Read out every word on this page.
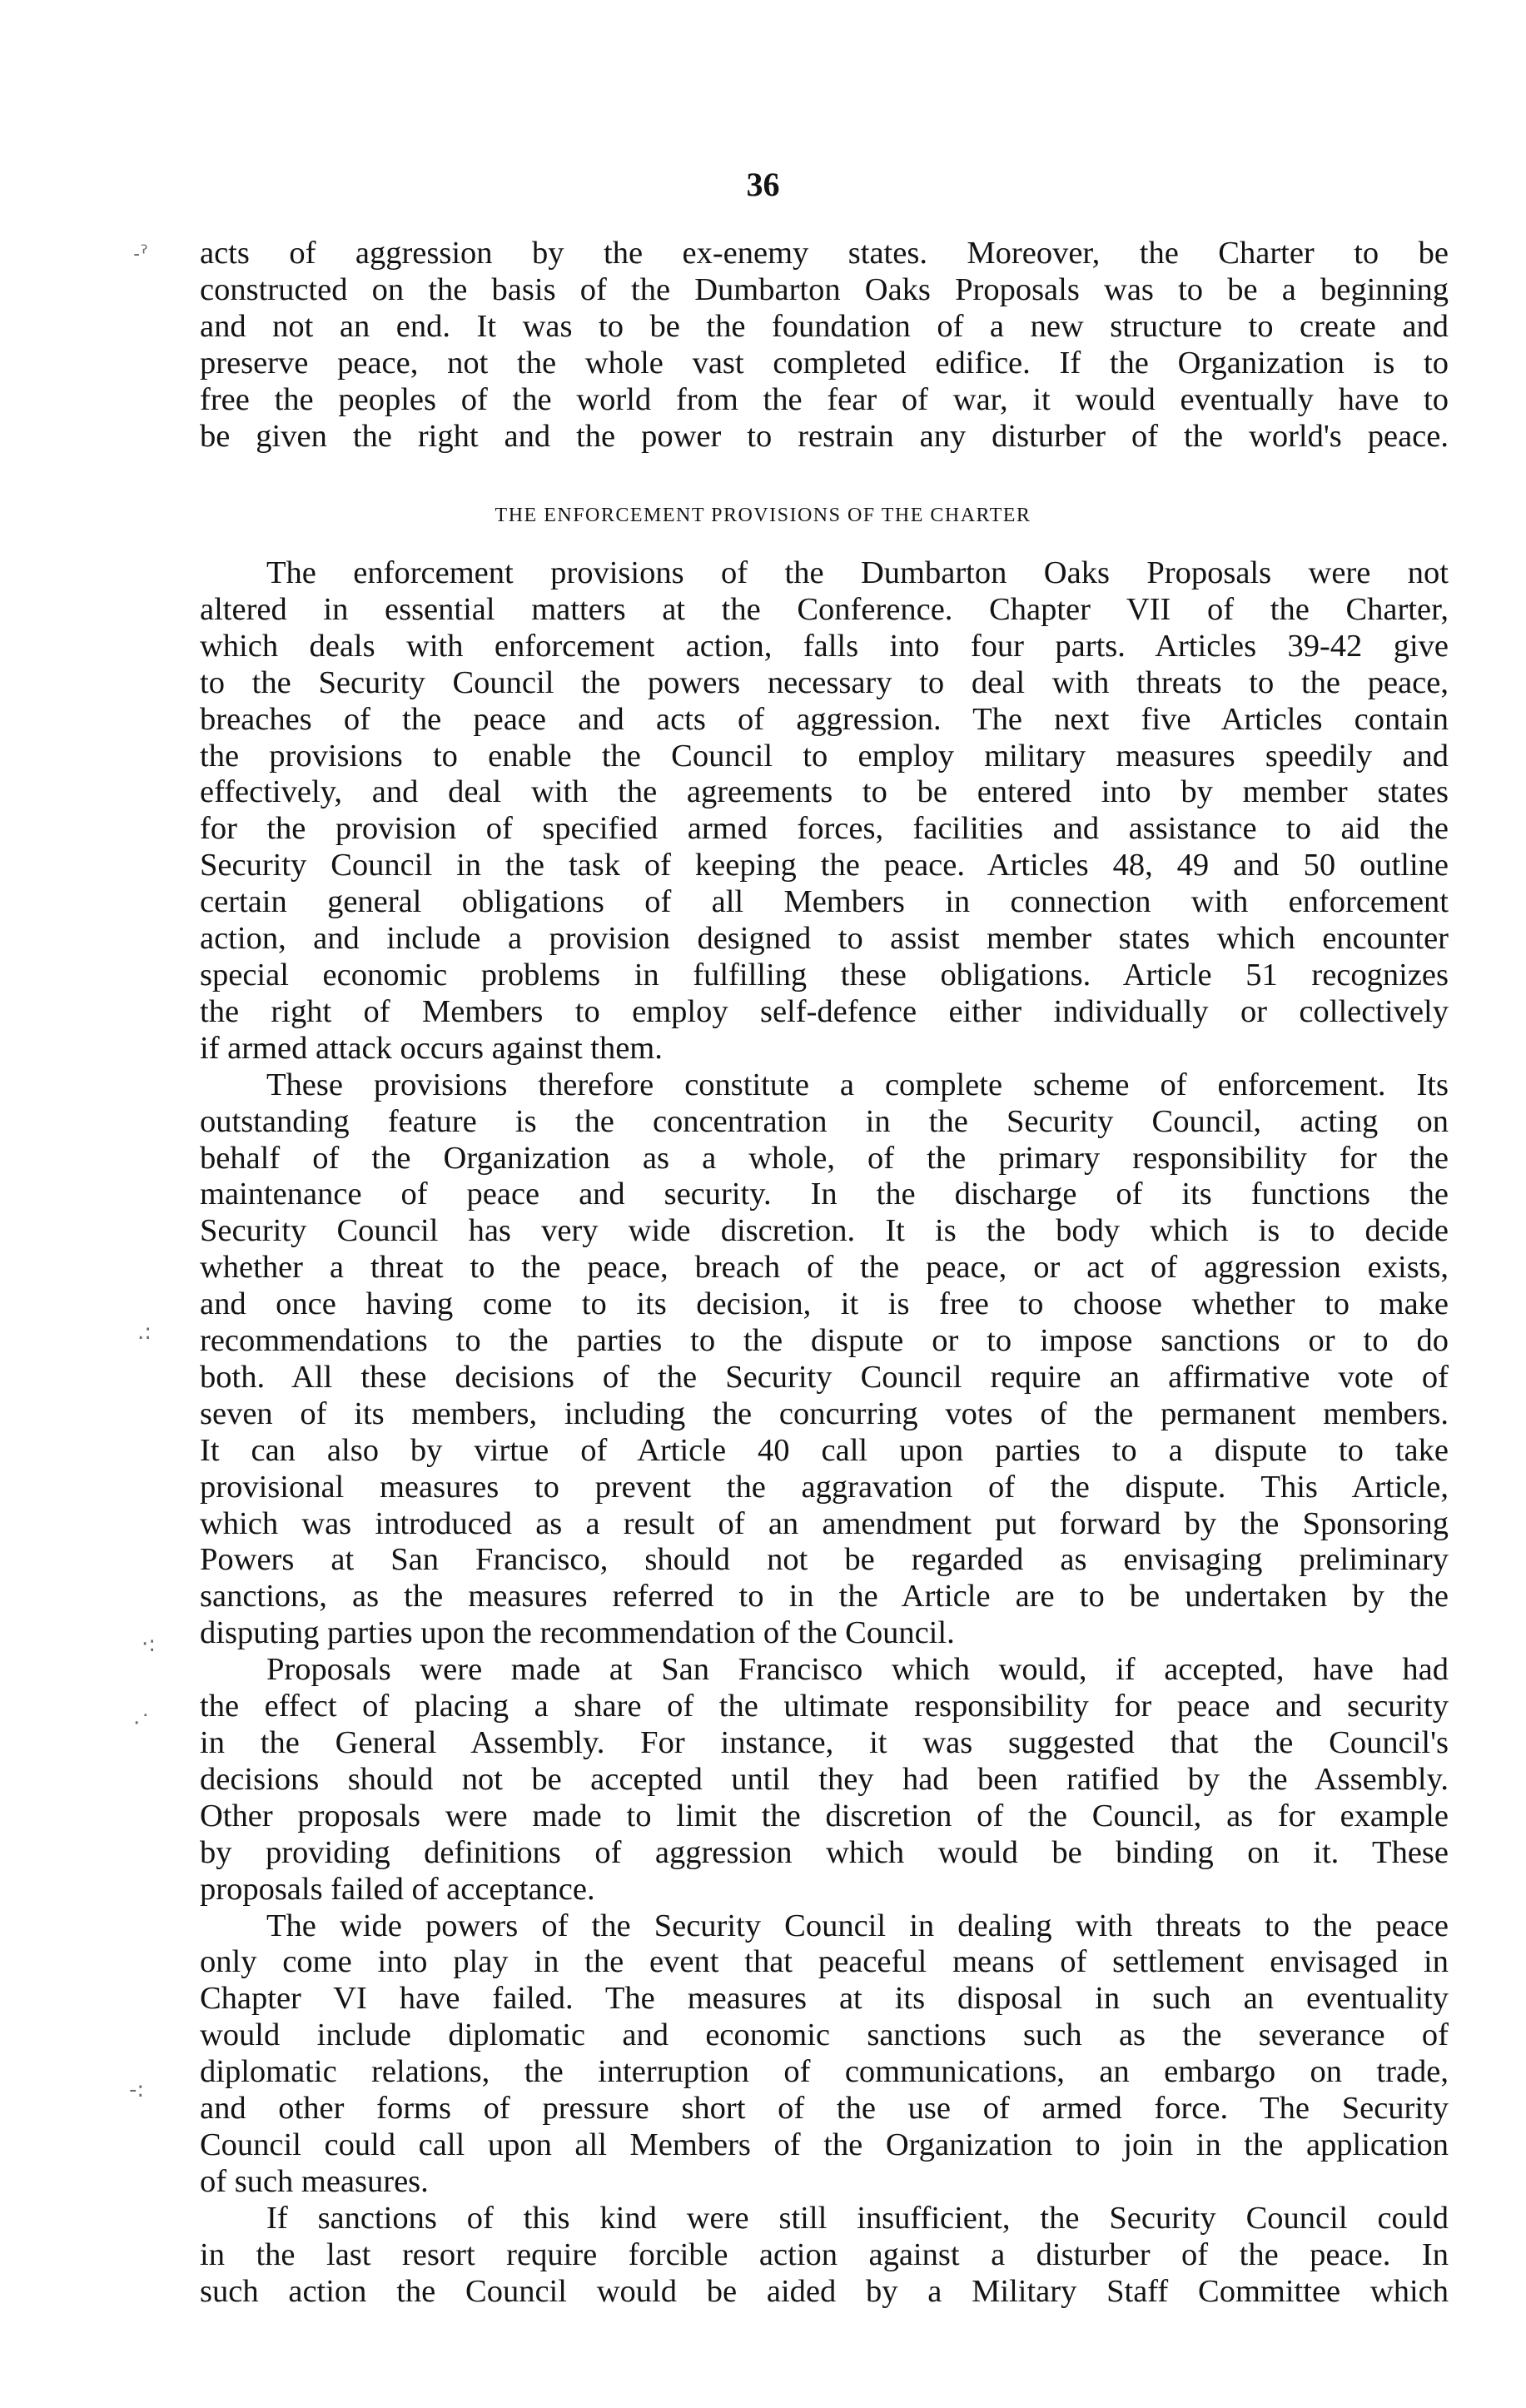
36
˗ˀ
.:
·:
·˙
-:
acts of aggression by the ex-enemy states. Moreover, the Charter to be
constructed on the basis of the Dumbarton Oaks Proposals was to be a beginning
and not an end. It was to be the foundation of a new structure to create and
preserve peace, not the whole vast completed edifice. If the Organization is to
free the peoples of the world from the fear of war, it would eventually have to
be given the right and the power to restrain any disturber of the world's peace.
THE ENFORCEMENT PROVISIONS OF THE CHARTER
The enforcement provisions of the Dumbarton Oaks Proposals were not
altered in essential matters at the Conference. Chapter VII of the Charter,
which deals with enforcement action, falls into four parts. Articles 39-42 give
to the Security Council the powers necessary to deal with threats to the peace,
breaches of the peace and acts of aggression. The next five Articles contain
the provisions to enable the Council to employ military measures speedily and
effectively, and deal with the agreements to be entered into by member states
for the provision of specified armed forces, facilities and assistance to aid the
Security Council in the task of keeping the peace. Articles 48, 49 and 50 outline
certain general obligations of all Members in connection with enforcement
action, and include a provision designed to assist member states which encounter
special economic problems in fulfilling these obligations. Article 51 recognizes
the right of Members to employ self-defence either individually or collectively
if armed attack occurs against them.
These provisions therefore constitute a complete scheme of enforcement. Its
outstanding feature is the concentration in the Security Council, acting on
behalf of the Organization as a whole, of the primary responsibility for the
maintenance of peace and security. In the discharge of its functions the
Security Council has very wide discretion. It is the body which is to decide
whether a threat to the peace, breach of the peace, or act of aggression exists,
and once having come to its decision, it is free to choose whether to make
recommendations to the parties to the dispute or to impose sanctions or to do
both. All these decisions of the Security Council require an affirmative vote of
seven of its members, including the concurring votes of the permanent members.
It can also by virtue of Article 40 call upon parties to a dispute to take
provisional measures to prevent the aggravation of the dispute. This Article,
which was introduced as a result of an amendment put forward by the Sponsoring
Powers at San Francisco, should not be regarded as envisaging preliminary
sanctions, as the measures referred to in the Article are to be undertaken by the
disputing parties upon the recommendation of the Council.
Proposals were made at San Francisco which would, if accepted, have had
the effect of placing a share of the ultimate responsibility for peace and security
in the General Assembly. For instance, it was suggested that the Council's
decisions should not be accepted until they had been ratified by the Assembly.
Other proposals were made to limit the discretion of the Council, as for example
by providing definitions of aggression which would be binding on it. These
proposals failed of acceptance.
The wide powers of the Security Council in dealing with threats to the peace
only come into play in the event that peaceful means of settlement envisaged in
Chapter VI have failed. The measures at its disposal in such an eventuality
would include diplomatic and economic sanctions such as the severance of
diplomatic relations, the interruption of communications, an embargo on trade,
and other forms of pressure short of the use of armed force. The Security
Council could call upon all Members of the Organization to join in the application
of such measures.
If sanctions of this kind were still insufficient, the Security Council could
in the last resort require forcible action against a disturber of the peace. In
such action the Council would be aided by a Military Staff Committee which
